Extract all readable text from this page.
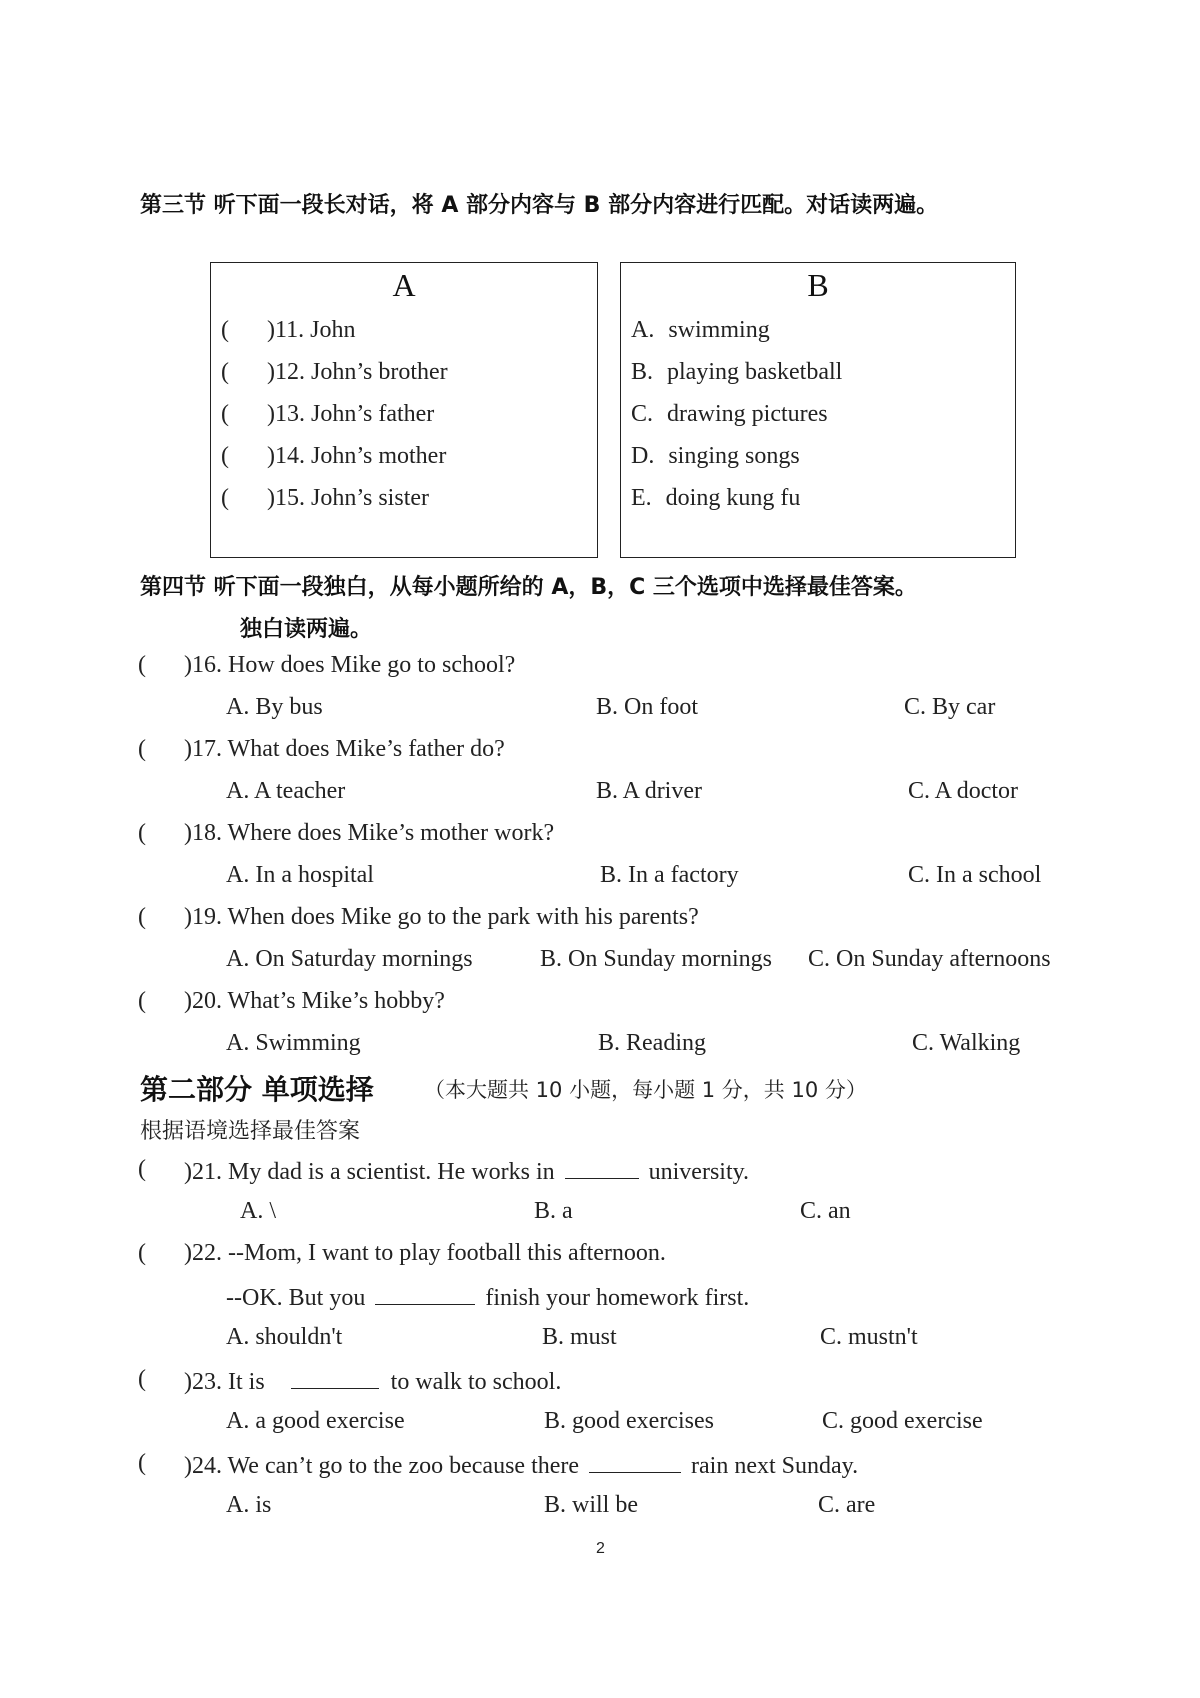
第三节 听下面一段长对话，将 A 部分内容与 B 部分内容进行匹配。对话读两遍。
A
( )11. John
( )12. John’s brother
( )13. John’s father
( )14. John’s mother
( )15. John’s sister
B
A. swimming
B. playing basketball
C. drawing pictures
D. singing songs
E. doing kung fu
第四节 听下面一段独白，从每小题所给的 A，B，C 三个选项中选择最佳答案。
独白读两遍。
( )16. How does Mike go to school?
A. By bus	B. On foot	C. By car
( )17. What does Mike’s father do?
A. A teacher	B. A driver	C. A doctor
( )18. Where does Mike’s mother work?
A. In a hospital	B. In a factory	C. In a school
( )19. When does Mike go to the park with his parents?
A. On Saturday mornings	B. On Sunday mornings C. On Sunday afternoons
( )20. What’s Mike’s hobby?
A. Swimming	B. Reading	C. Walking
第二部分 单项选择 （本大题共 10 小题，每小题 1 分，共 10 分）
根据语境选择最佳答案
( )21. My dad is a scientist. He works in	university.
A. \	B. a	C. an
( )22. --Mom, I want to play football this afternoon.
--OK. But you	finish your homework first.
A. shouldn't	B. must	C. mustn't
( )23. It is	to walk to school.
A. a good exercise	B. good exercises	C. good exercise
( )24. We can’t go to the zoo because there	rain next Sunday.
A. is	B. will be	C. are
2
